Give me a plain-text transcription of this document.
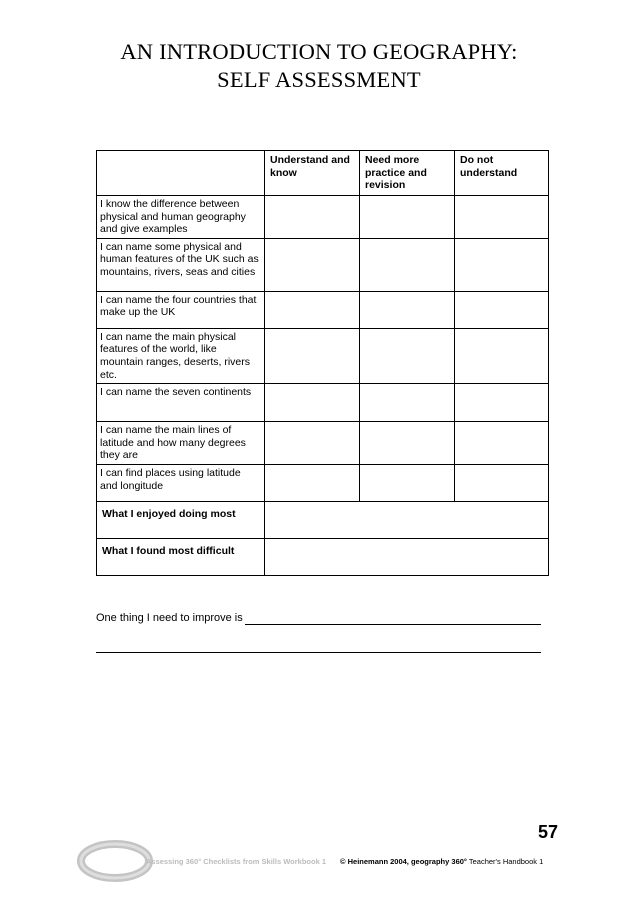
AN INTRODUCTION TO GEOGRAPHY:
SELF ASSESSMENT
	Understand and know	Need more practice and revision	Do not understand
I know the difference between physical and human geography and give examples			
I can name some physical and human features of the UK such as mountains, rivers, seas and cities			
I can name the four countries that make up the UK			
I can name the main physical features of the world, like mountain ranges, deserts, rivers etc.			
I can name the seven continents			
I can name the main lines of latitude and how many degrees they are			
I can find places using latitude and longitude			
What I enjoyed doing most			
What I found most difficult			
One thing I need to improve is
57
Assessing 360° Checklists from Skills Workbook 1 © Heinemann 2004, geography 360° Teacher's Handbook 1
